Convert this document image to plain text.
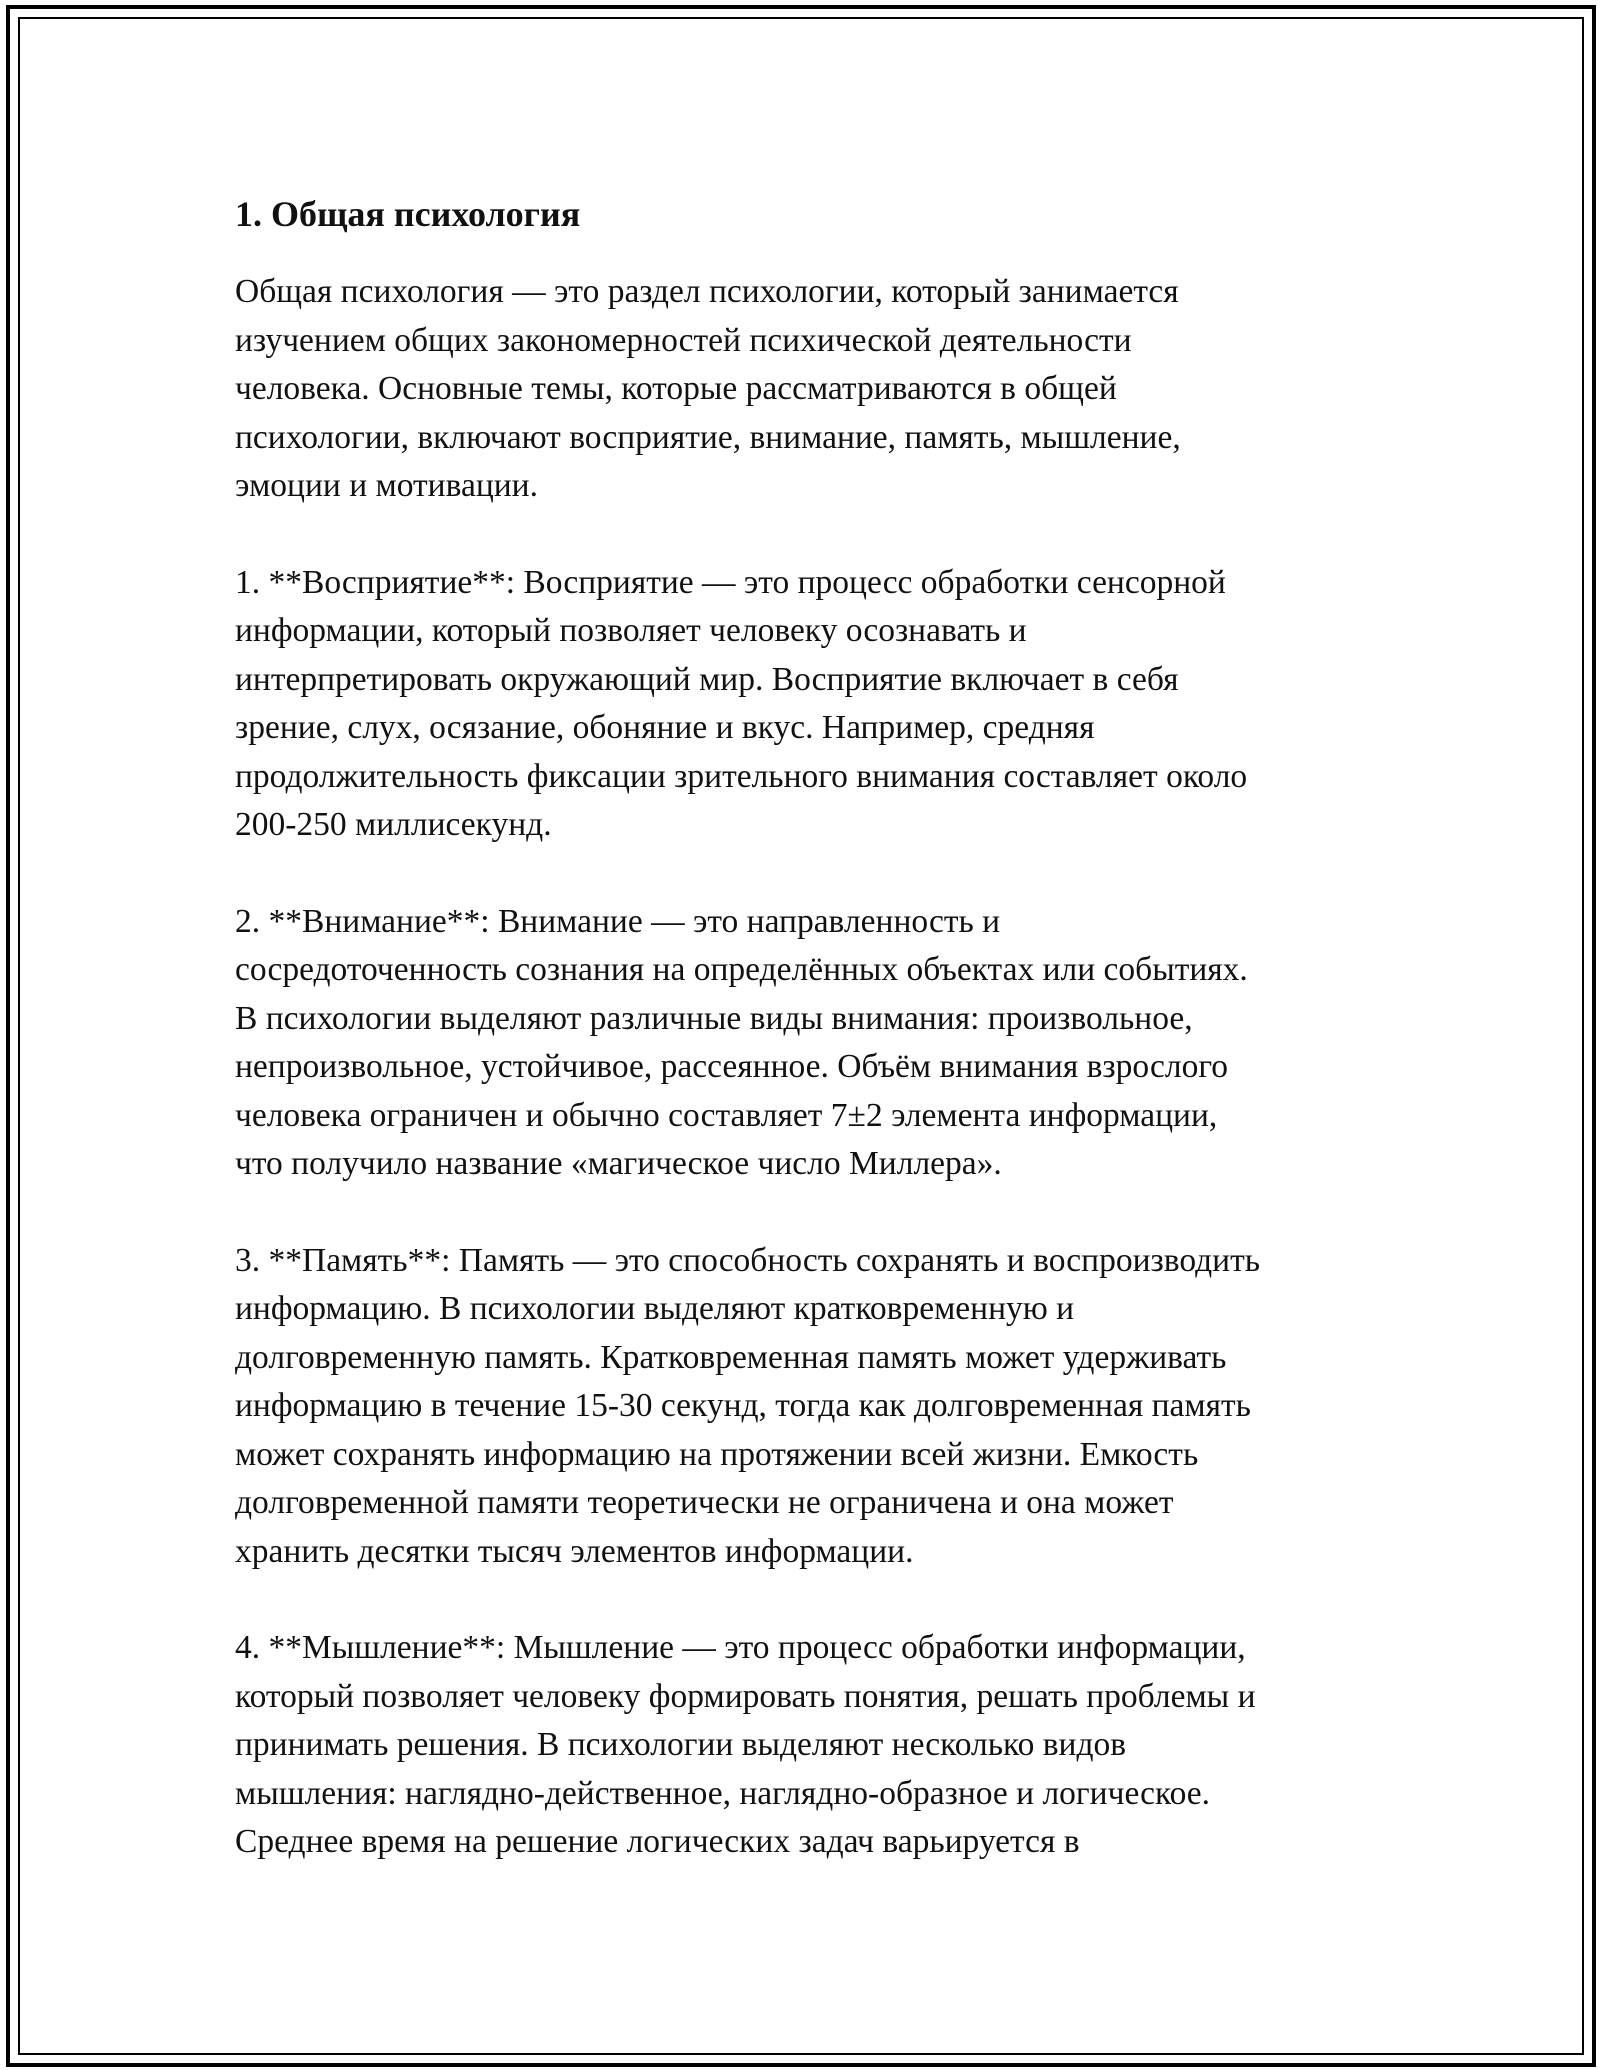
1. Общая психология

Общая психология — это раздел психологии, который занимается
изучением общих закономерностей психической деятельности
человека. Основные темы, которые рассматриваются в общей
психологии, включают восприятие, внимание, память, мышление,
эмоции и мотивации.

1. **Восприятие**: Восприятие — это процесс обработки сенсорной
информации, который позволяет человеку осознавать и
интерпретировать окружающий мир. Восприятие включает в себя
зрение, слух, осязание, обоняние и вкус. Например, средняя
продолжительность фиксации зрительного внимания составляет около
200-250 миллисекунд.

2. **Внимание**: Внимание — это направленность и
сосредоточенность сознания на определённых объектах или событиях.
В психологии выделяют различные виды внимания: произвольное,
непроизвольное, устойчивое, рассеянное. Объём внимания взрослого
человека ограничен и обычно составляет 7±2 элемента информации,
что получило название «магическое число Миллера».

3. **Память**: Память — это способность сохранять и воспроизводить
информацию. В психологии выделяют кратковременную и
долговременную память. Кратковременная память может удерживать
информацию в течение 15-30 секунд, тогда как долговременная память
может сохранять информацию на протяжении всей жизни. Емкость
долговременной памяти теоретически не ограничена и она может
хранить десятки тысяч элементов информации.

4. **Мышление**: Мышление — это процесс обработки информации,
который позволяет человеку формировать понятия, решать проблемы и
принимать решения. В психологии выделяют несколько видов
мышления: наглядно-действенное, наглядно-образное и логическое.
Среднее время на решение логических задач варьируется в
